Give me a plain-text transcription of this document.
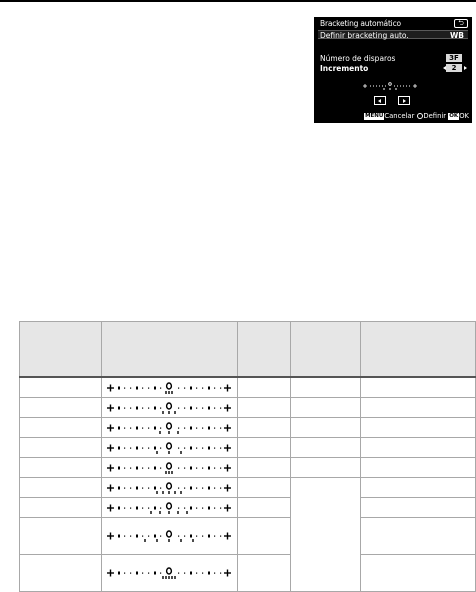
Bracketing automático	⮌
Definir bracketing auto.	WB
Número de disparos	3F
Incremento	2
MENUCancelar Definir OKOK
